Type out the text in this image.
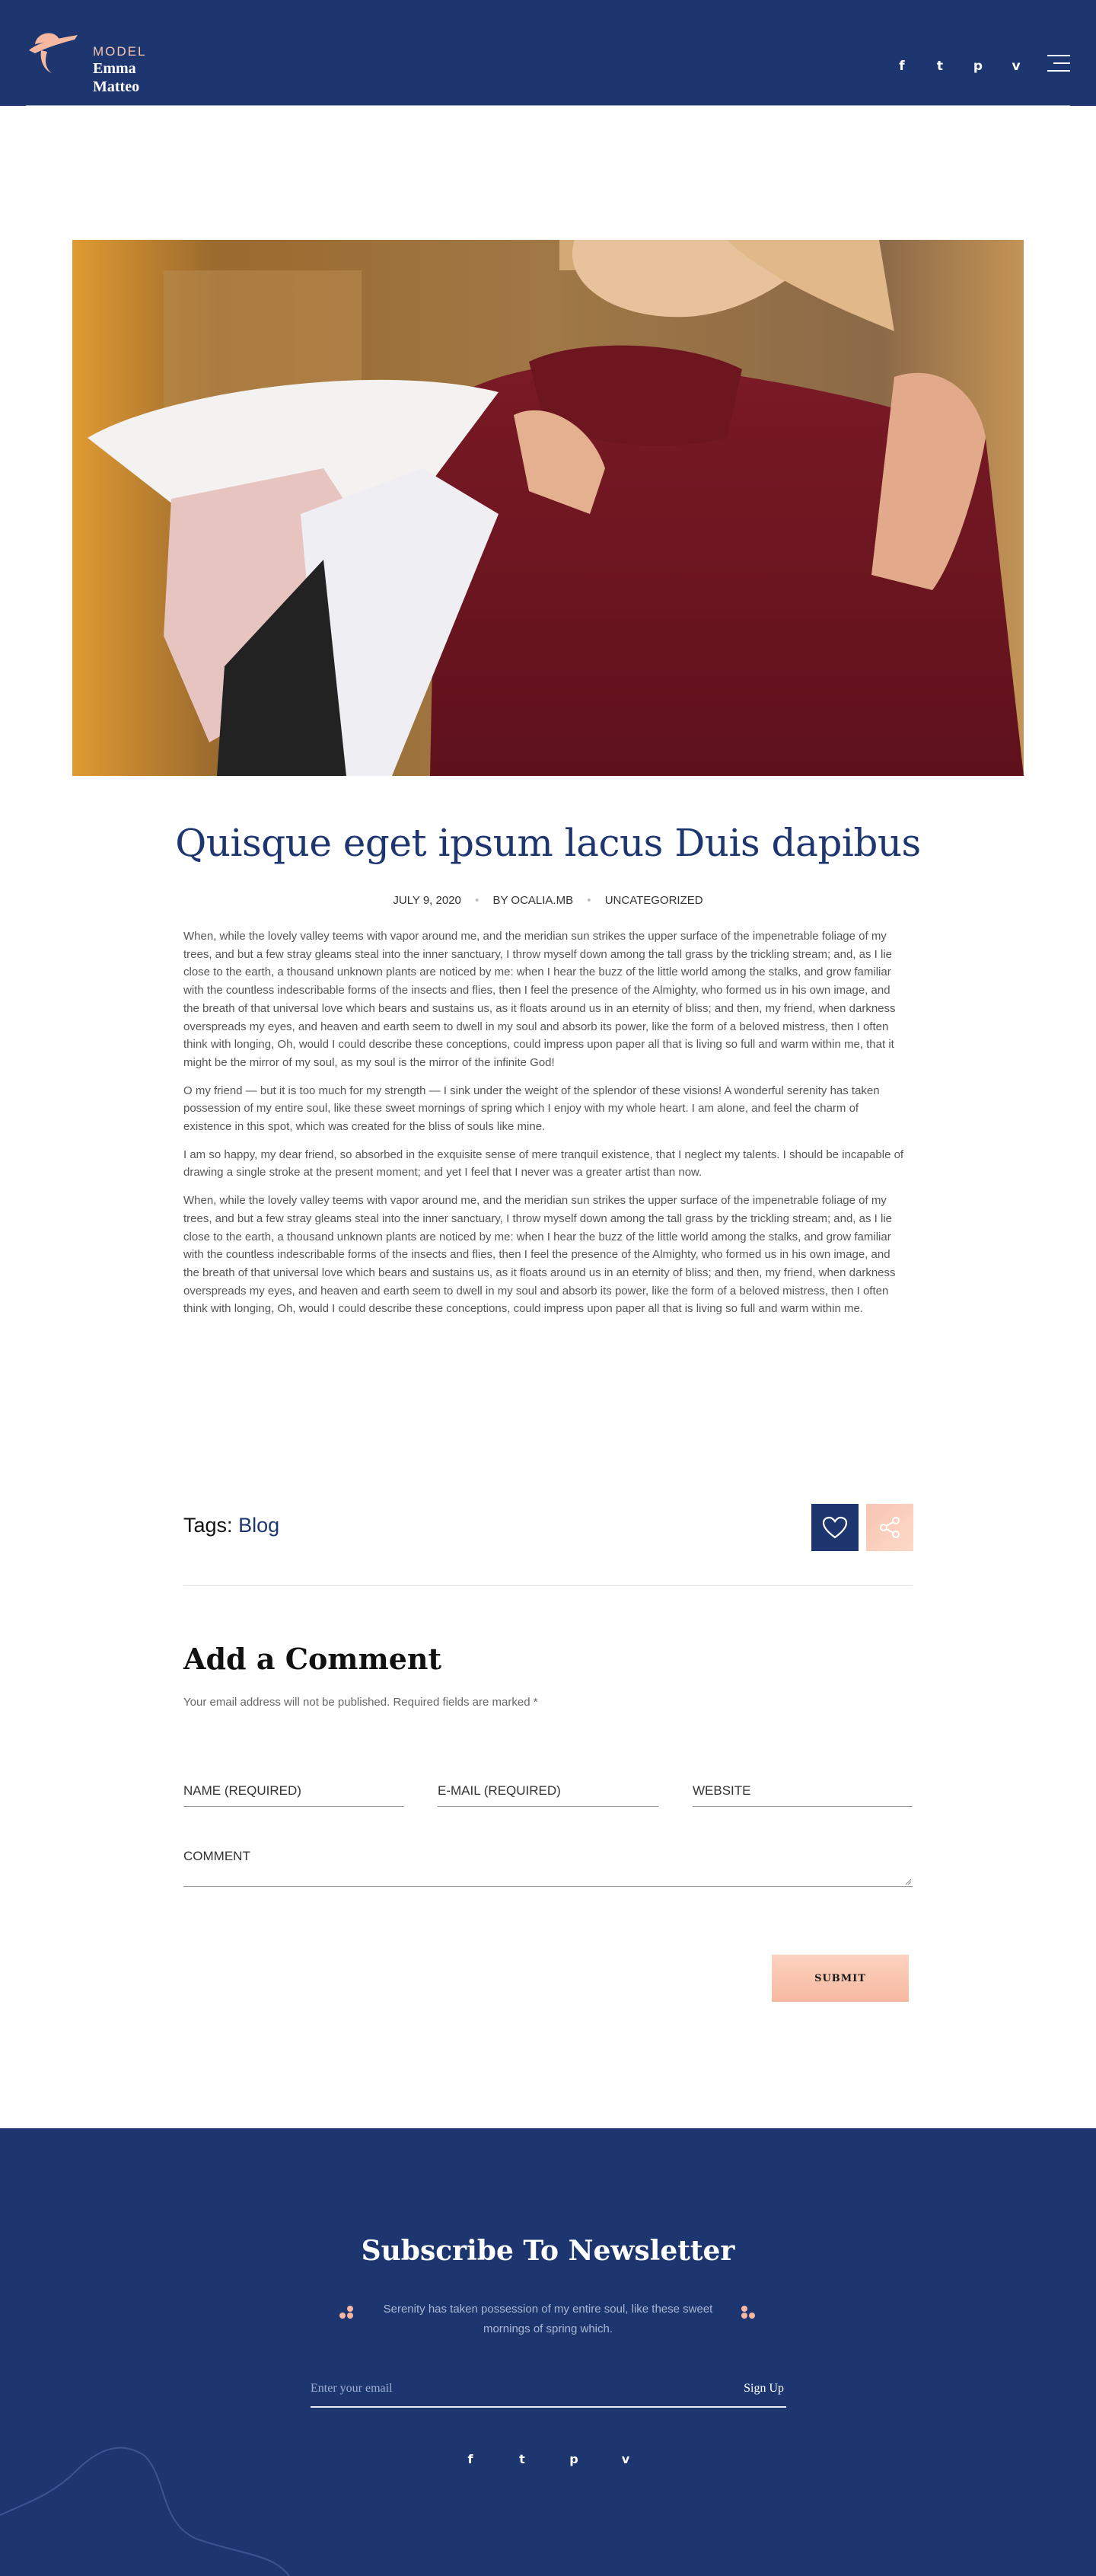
MODEL
Emma Matteo
f	t	p	v
Quisque eget ipsum lacus Duis dapibus
JULY 9, 2020 • BY OCALIA.MB • UNCATEGORIZED

When, while the lovely valley teems with vapor around me, and the meridian sun strikes the upper surface of the impenetrable foliage of my trees, and but a few stray gleams steal into the inner sanctuary, I throw myself down among the tall grass by the trickling stream; and, as I lie close to the earth, a thousand unknown plants are noticed by me: when I hear the buzz of the little world among the stalks, and grow familiar with the countless indescribable forms of the insects and flies, then I feel the presence of the Almighty, who formed us in his own image, and the breath of that universal love which bears and sustains us, as it floats around us in an eternity of bliss; and then, my friend, when darkness overspreads my eyes, and heaven and earth seem to dwell in my soul and absorb its power, like the form of a beloved mistress, then I often think with longing, Oh, would I could describe these conceptions, could impress upon paper all that is living so full and warm within me, that it might be the mirror of my soul, as my soul is the mirror of the infinite God!

O my friend — but it is too much for my strength — I sink under the weight of the splendor of these visions! A wonderful serenity has taken possession of my entire soul, like these sweet mornings of spring which I enjoy with my whole heart. I am alone, and feel the charm of existence in this spot, which was created for the bliss of souls like mine.

I am so happy, my dear friend, so absorbed in the exquisite sense of mere tranquil existence, that I neglect my talents. I should be incapable of drawing a single stroke at the present moment; and yet I feel that I never was a greater artist than now.

When, while the lovely valley teems with vapor around me, and the meridian sun strikes the upper surface of the impenetrable foliage of my trees, and but a few stray gleams steal into the inner sanctuary, I throw myself down among the tall grass by the trickling stream; and, as I lie close to the earth, a thousand unknown plants are noticed by me: when I hear the buzz of the little world among the stalks, and grow familiar with the countless indescribable forms of the insects and flies, then I feel the presence of the Almighty, who formed us in his own image, and the breath of that universal love which bears and sustains us, as it floats around us in an eternity of bliss; and then, my friend, when darkness overspreads my eyes, and heaven and earth seem to dwell in my soul and absorb its power, like the form of a beloved mistress, then I often think with longing, Oh, would I could describe these conceptions, could impress upon paper all that is living so full and warm within me.

Tags: Blog
Add a Comment

Your email address will not be published. Required fields are marked *

NAME (REQUIRED)
E-MAIL (REQUIRED)
WEBSITE
COMMENT
SUBMIT
Subscribe To Newsletter

Serenity has taken possession of my entire soul, like these sweet mornings of spring which.

Enter your email
Sign Up
f	t	p	v
